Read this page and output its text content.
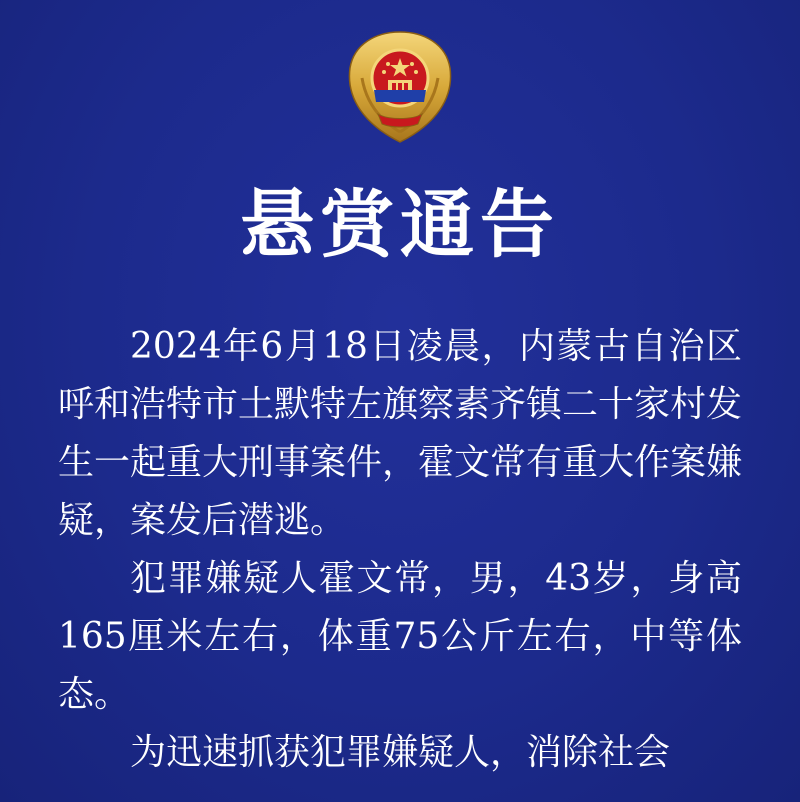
悬赏通告

2024年6月18日凌晨，内蒙古自治区呼和浩特市土默特左旗察素齐镇二十家村发生一起重大刑事案件，霍文常有重大作案嫌疑，案发后潜逃。

犯罪嫌疑人霍文常，男，43岁，身高165厘米左右，体重75公斤左右，中等体态。

为迅速抓获犯罪嫌疑人，消除社会
